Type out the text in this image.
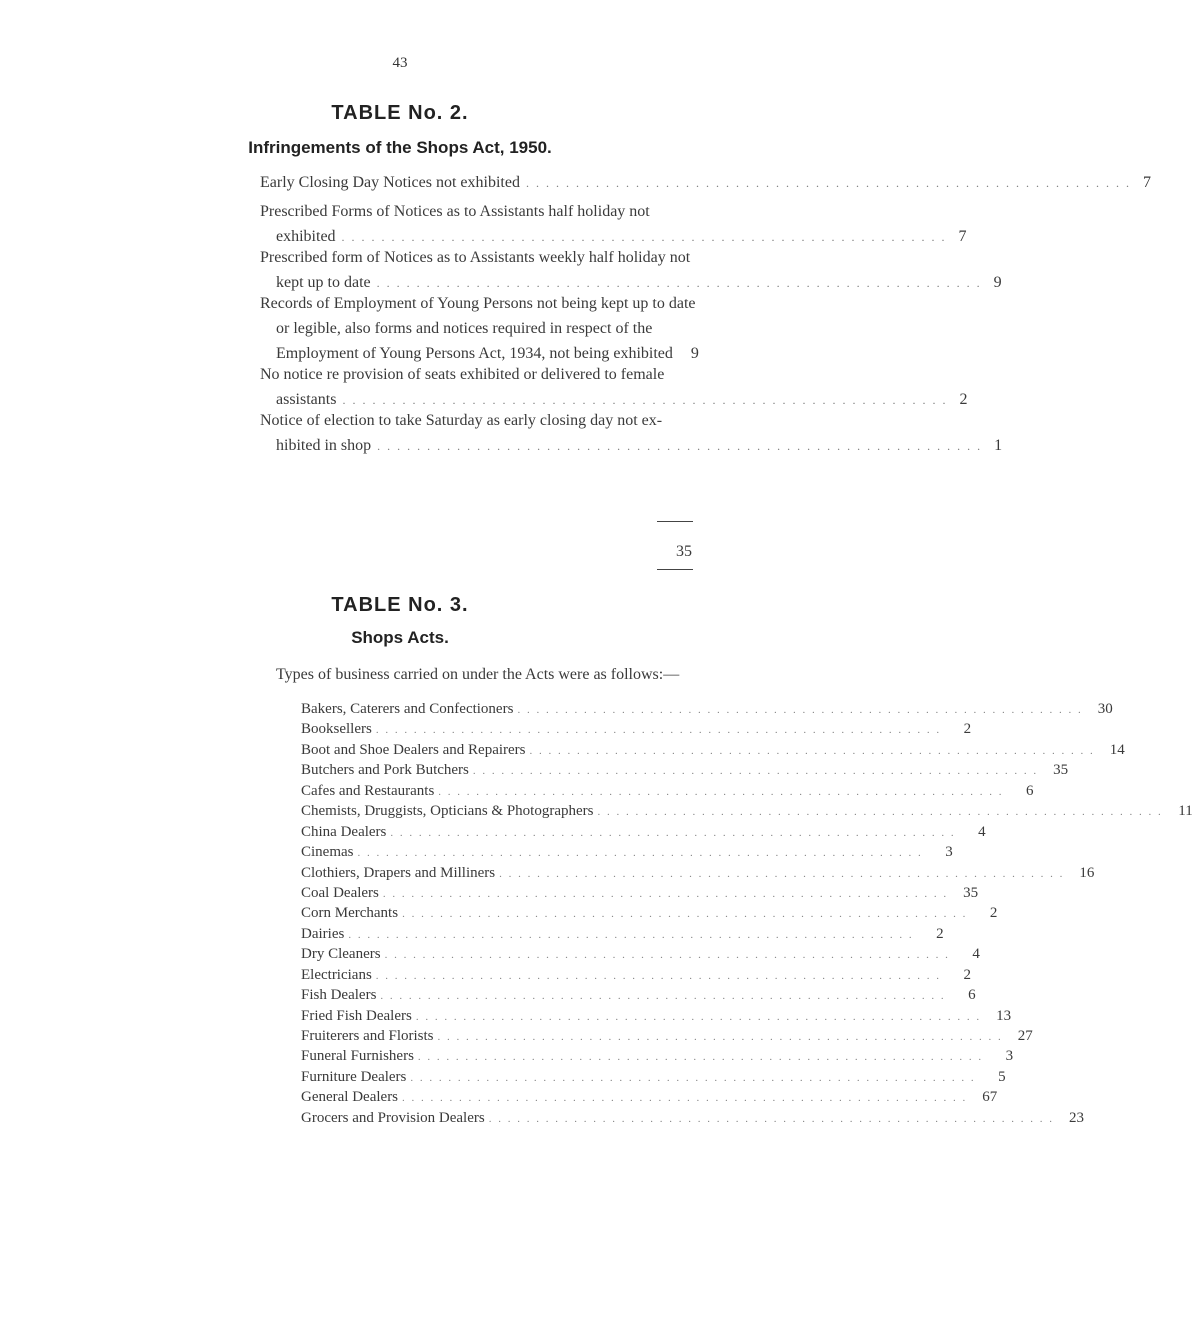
43
TABLE No. 2.
Infringements of the Shops Act, 1950.
Early Closing Day Notices not exhibited . . . . . . . . . . . . . . . . . . . . . . . . . . . . . . . . . . . . . . . . . . . . . . . . . . . . . . . . . . . . . 7
Prescribed Forms of Notices as to Assistants half holiday not
exhibited . . . . . . . . . . . . . . . . . . . . . . . . . . . . . . . . . . . . . . . . . . . . . . . . . . . . . . . . . . . . . 7
Prescribed form of Notices as to Assistants weekly half holiday not
kept up to date . . . . . . . . . . . . . . . . . . . . . . . . . . . . . . . . . . . . . . . . . . . . . . . . . . . . . . . . . . . . . 9
Records of Employment of Young Persons not being kept up to date
or legible, also forms and notices required in respect of the
Employment of Young Persons Act, 1934, not being exhibited	9
No notice re provision of seats exhibited or delivered to female
assistants . . . . . . . . . . . . . . . . . . . . . . . . . . . . . . . . . . . . . . . . . . . . . . . . . . . . . . . . . . . . . 2
Notice of election to take Saturday as early closing day not ex-
hibited in shop . . . . . . . . . . . . . . . . . . . . . . . . . . . . . . . . . . . . . . . . . . . . . . . . . . . . . . . . . . . . . 1
35
TABLE No. 3.
Shops Acts.
Types of business carried on under the Acts were as follows:—
Bakers, Caterers and Confectioners . . . . . . . . . . . . . . . . . . . . . . . . . . . . . . . . . . . . . . . . . . . . . . . . . . . . . . . . . . . .	30
Booksellers . . . . . . . . . . . . . . . . . . . . . . . . . . . . . . . . . . . . . . . . . . . . . . . . . . . . . . . . . . . .	2
Boot and Shoe Dealers and Repairers . . . . . . . . . . . . . . . . . . . . . . . . . . . . . . . . . . . . . . . . . . . . . . . . . . . . . . . . . . . .	14
Butchers and Pork Butchers . . . . . . . . . . . . . . . . . . . . . . . . . . . . . . . . . . . . . . . . . . . . . . . . . . . . . . . . . . . .	35
Cafes and Restaurants . . . . . . . . . . . . . . . . . . . . . . . . . . . . . . . . . . . . . . . . . . . . . . . . . . . . . . . . . . . .	6
Chemists, Druggists, Opticians & Photographers . . . . . . . . . . . . . . . . . . . . . . . . . . . . . . . . . . . . . . . . . . . . . . . . . . . . . . . . . . . .	11
China Dealers . . . . . . . . . . . . . . . . . . . . . . . . . . . . . . . . . . . . . . . . . . . . . . . . . . . . . . . . . . . .	4
Cinemas . . . . . . . . . . . . . . . . . . . . . . . . . . . . . . . . . . . . . . . . . . . . . . . . . . . . . . . . . . . .	3
Clothiers, Drapers and Milliners . . . . . . . . . . . . . . . . . . . . . . . . . . . . . . . . . . . . . . . . . . . . . . . . . . . . . . . . . . . .	16
Coal Dealers . . . . . . . . . . . . . . . . . . . . . . . . . . . . . . . . . . . . . . . . . . . . . . . . . . . . . . . . . . . .	35
Corn Merchants . . . . . . . . . . . . . . . . . . . . . . . . . . . . . . . . . . . . . . . . . . . . . . . . . . . . . . . . . . . .	2
Dairies . . . . . . . . . . . . . . . . . . . . . . . . . . . . . . . . . . . . . . . . . . . . . . . . . . . . . . . . . . . .	2
Dry Cleaners . . . . . . . . . . . . . . . . . . . . . . . . . . . . . . . . . . . . . . . . . . . . . . . . . . . . . . . . . . . .	4
Electricians . . . . . . . . . . . . . . . . . . . . . . . . . . . . . . . . . . . . . . . . . . . . . . . . . . . . . . . . . . . .	2
Fish Dealers . . . . . . . . . . . . . . . . . . . . . . . . . . . . . . . . . . . . . . . . . . . . . . . . . . . . . . . . . . . .	6
Fried Fish Dealers . . . . . . . . . . . . . . . . . . . . . . . . . . . . . . . . . . . . . . . . . . . . . . . . . . . . . . . . . . . .	13
Fruiterers and Florists . . . . . . . . . . . . . . . . . . . . . . . . . . . . . . . . . . . . . . . . . . . . . . . . . . . . . . . . . . . .	27
Funeral Furnishers . . . . . . . . . . . . . . . . . . . . . . . . . . . . . . . . . . . . . . . . . . . . . . . . . . . . . . . . . . . .	3
Furniture Dealers . . . . . . . . . . . . . . . . . . . . . . . . . . . . . . . . . . . . . . . . . . . . . . . . . . . . . . . . . . . .	5
General Dealers . . . . . . . . . . . . . . . . . . . . . . . . . . . . . . . . . . . . . . . . . . . . . . . . . . . . . . . . . . . .	67
Grocers and Provision Dealers . . . . . . . . . . . . . . . . . . . . . . . . . . . . . . . . . . . . . . . . . . . . . . . . . . . . . . . . . . . .	23
